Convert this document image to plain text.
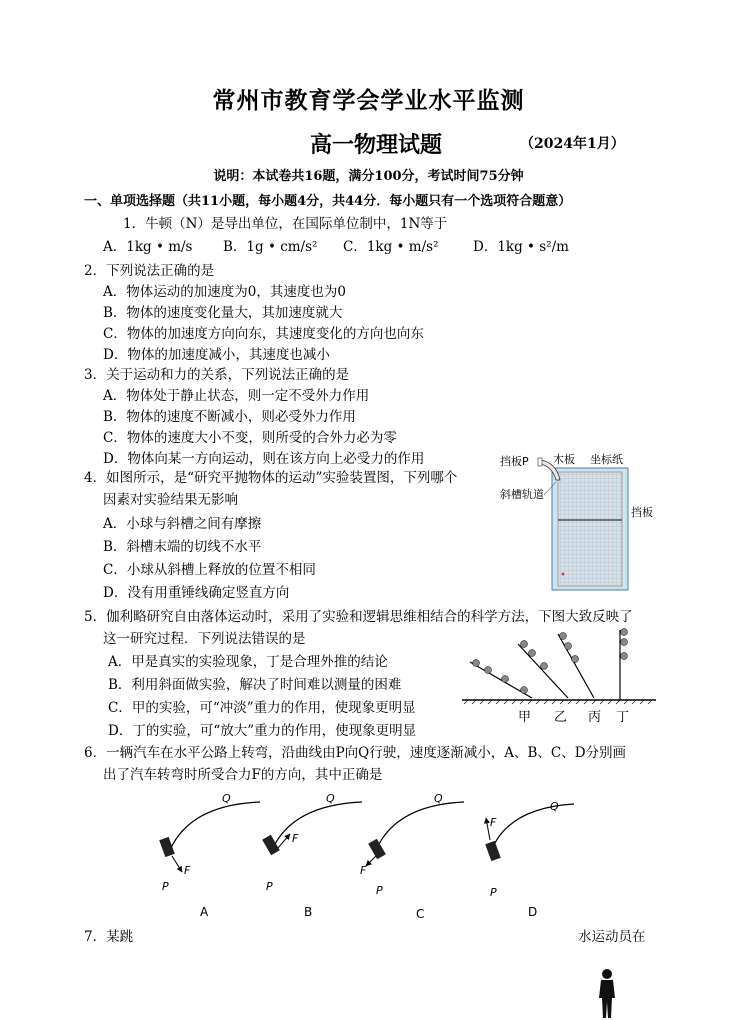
常州市教育学会学业水平监测
高一物理试题	（2024年1月）
说明：本试卷共16题，满分100分，考试时间75分钟
一、单项选择题（共11小题，每小题4分，共44分．每小题只有一个选项符合题意）
1．牛顿（N）是导出单位，在国际单位制中，1N等于
A．1kg • m/s B．1g • cm/s² C．1kg • m/s²	D．1kg • s²/m
2．下列说法正确的是
A．物体运动的加速度为0，其速度也为0
B．物体的速度变化量大，其加速度就大
C．物体的加速度方向向东，其速度变化的方向也向东
D．物体的加速度减小，其速度也减小
3．关于运动和力的关系，下列说法正确的是
A．物体处于静止状态，则一定不受外力作用
B．物体的速度不断减小，则必受外力作用
C．物体的速度大小不变，则所受的合外力必为零
D．物体向某一方向运动，则在该方向上必受力的作用
4．如图所示，是“研究平抛物体的运动”实验装置图，下列哪个
因素对实验结果无影响
A．小球与斜槽之间有摩擦
B．斜槽末端的切线不水平
C．小球从斜槽上释放的位置不相同
D．没有用重锤线确定竖直方向
挡板P 木板 坐标纸
斜槽轨道
挡板
5．伽利略研究自由落体运动时，采用了实验和逻辑思维相结合的科学方法，下图大致反映了
这一研究过程．下列说法错误的是
A．甲是真实的实验现象，丁是合理外推的结论
B．利用斜面做实验，解决了时间难以测量的困难
C．甲的实验，可“冲淡”重力的作用，使现象更明显
D．丁的实验，可“放大”重力的作用，使现象更明显
甲 乙 丙 丁
6．一辆汽车在水平公路上转弯，沿曲线由P向Q行驶，速度逐渐减小，A、B、C、D分别画
出了汽车转弯时所受合力F的方向，其中正确是
F
P
Q
A
F
P
Q
B
F
P
Q
C
F
P
Q
D
7．某跳	水运动员在
